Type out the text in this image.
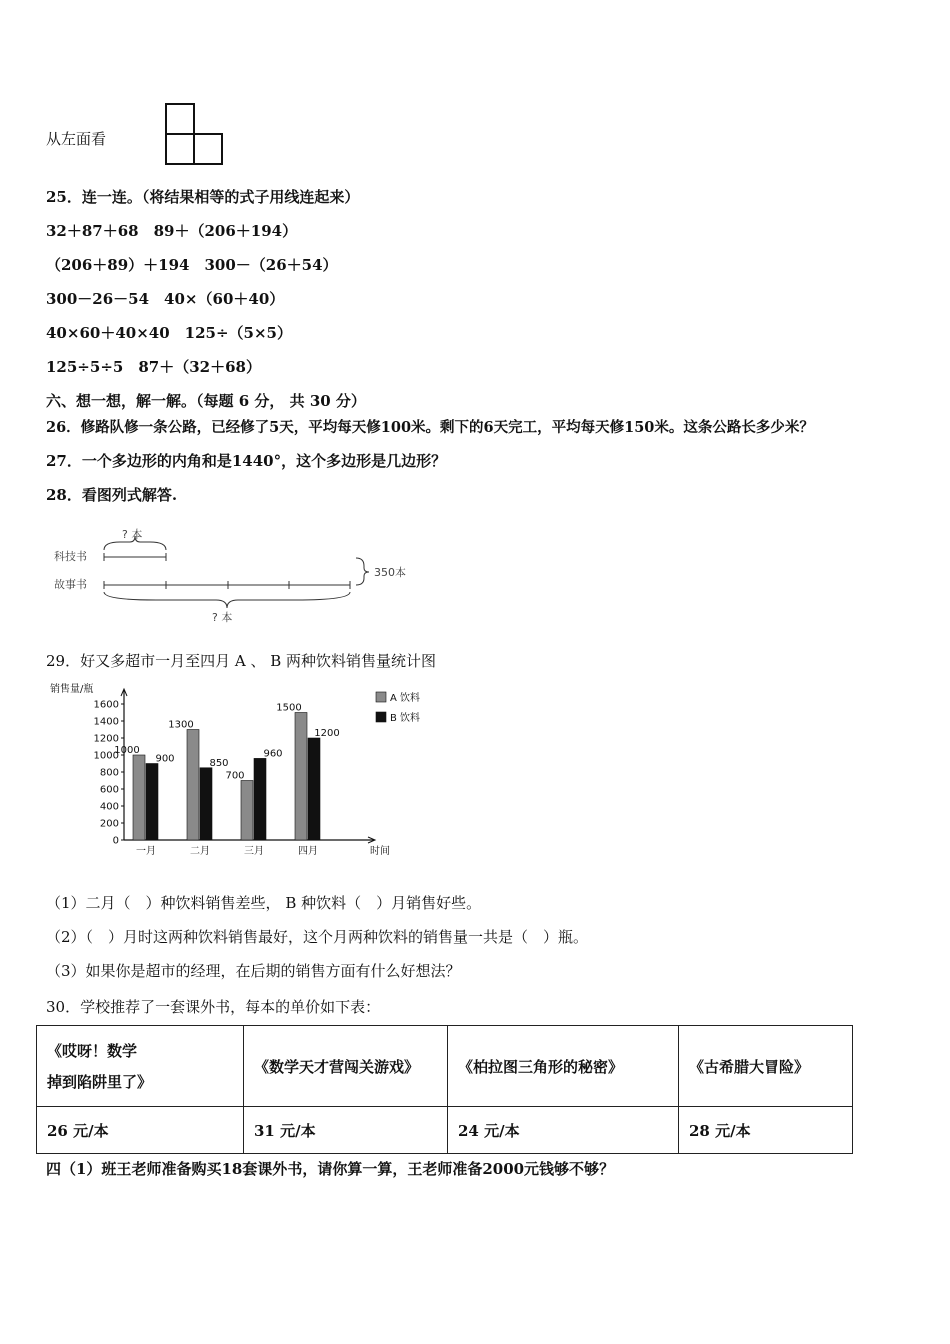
从左面看
25．连一连。（将结果相等的式子用线连起来）
32＋87＋68　89＋（206＋194）
（206＋89）＋194　300－（26＋54）
300－26－54　40×（60＋40）
40×60＋40×40　125÷（5×5）
125÷5÷5　87＋（32＋68）
六、想一想，解一解。（每题 6 分， 共 30 分）
26．修路队修一条公路，已经修了5天，平均每天修100米。剩下的6天完工，平均每天修150米。这条公路长多少米？
27．一个多边形的内角和是1440°，这个多边形是几边形？
28．看图列式解答.
科技书
故事书
? 本
? 本
350本
29．好又多超市一月至四月 A 、 B 两种饮料销售量统计图
销售量/瓶
时间
0
200
400
600
800
1000
1200
1400
1600
1000
900
一月
1300
850
二月
700
960
三月
1500
1200
四月
A 饮料
B 饮料
（1）二月（　）种饮料销售差些， B 种饮料（　）月销售好些。
（2）（　）月时这两种饮料销售最好，这个月两种饮料的销售量一共是（　）瓶。
（3）如果你是超市的经理，在后期的销售方面有什么好想法？
30．学校推荐了一套课外书，每本的单价如下表：
《哎呀！数学
掉到陷阱里了》	《数学天才营闯关游戏》	《柏拉图三角形的秘密》	《古希腊大冒险》
26 元/本	31 元/本	24 元/本	28 元/本
四（1）班王老师准备购买18套课外书，请你算一算，王老师准备2000元钱够不够？
